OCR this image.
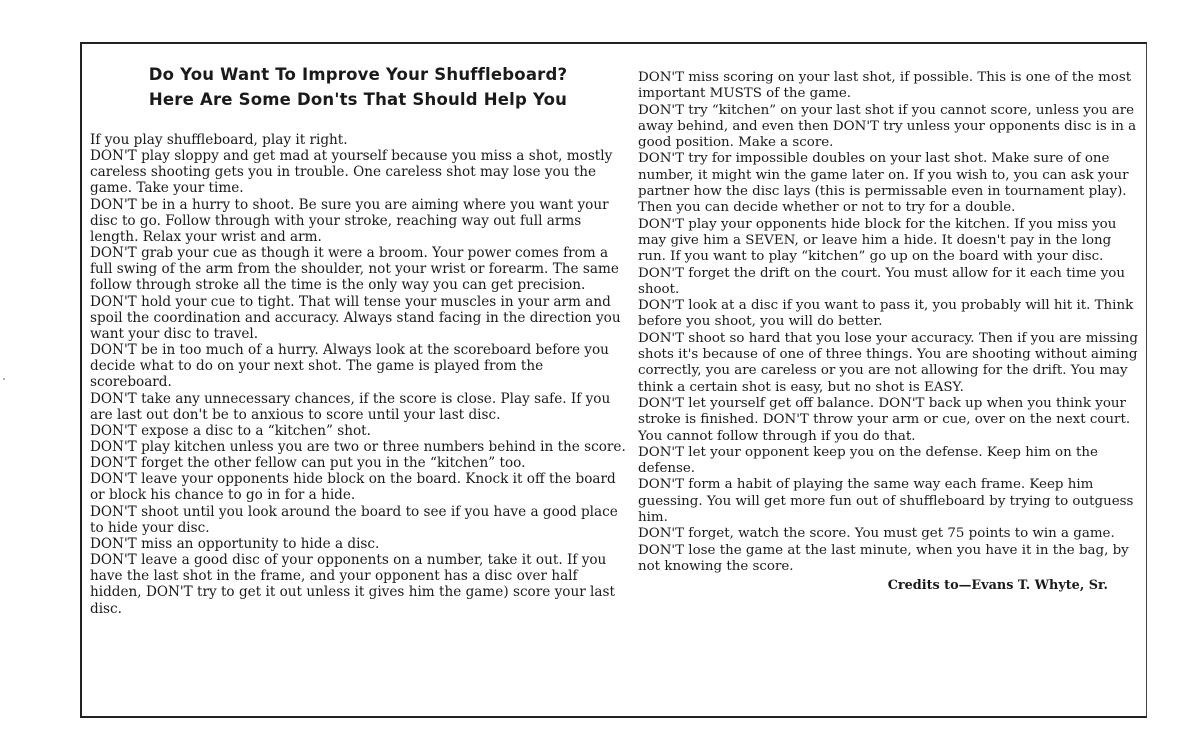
Do You Want To Improve Your Shuffleboard?
Here Are Some Don'ts That Should Help You

If you play shuffleboard, play it right.

DON'T play sloppy and get mad at yourself because you miss a shot, mostly careless shooting gets you in trouble. One careless shot may lose you the game. Take your time.

DON'T be in a hurry to shoot. Be sure you are aiming where you want your disc to go. Follow through with your stroke, reaching way out full arms length. Relax your wrist and arm.

DON'T grab your cue as though it were a broom. Your power comes from a full swing of the arm from the shoulder, not your wrist or forearm. The same follow through stroke all the time is the only way you can get precision.

DON'T hold your cue to tight. That will tense your muscles in your arm and spoil the coordination and accuracy. Always stand facing in the direction you want your disc to travel.

DON'T be in too much of a hurry. Always look at the scoreboard before you decide what to do on your next shot. The game is played from the scoreboard.

DON'T take any unnecessary chances, if the score is close. Play safe. If you are last out don't be to anxious to score until your last disc.

DON'T expose a disc to a “kitchen” shot.

DON'T play kitchen unless you are two or three numbers behind in the score.

DON'T forget the other fellow can put you in the “kitchen” too.

DON'T leave your opponents hide block on the board. Knock it off the board or block his chance to go in for a hide.

DON'T shoot until you look around the board to see if you have a good place to hide your disc.

DON'T miss an opportunity to hide a disc.

DON'T leave a good disc of your opponents on a number, take it out. If you have the last shot in the frame, and your opponent has a disc over half hidden, DON'T try to get it out unless it gives him the game) score your last disc.

DON'T miss scoring on your last shot, if possible. This is one of the most important MUSTS of the game.

DON'T try “kitchen” on your last shot if you cannot score, unless you are away behind, and even then DON'T try unless your opponents disc is in a good position. Make a score.

DON'T try for impossible doubles on your last shot. Make sure of one number, it might win the game later on. If you wish to, you can ask your partner how the disc lays (this is permissable even in tournament play). Then you can decide whether or not to try for a double.

DON'T play your opponents hide block for the kitchen. If you miss you may give him a SEVEN, or leave him a hide. It doesn't pay in the long run. If you want to play “kitchen” go up on the board with your disc.

DON'T forget the drift on the court. You must allow for it each time you shoot.

DON'T look at a disc if you want to pass it, you probably will hit it. Think before you shoot, you will do better.

DON'T shoot so hard that you lose your accuracy. Then if you are missing shots it's because of one of three things. You are shooting without aiming correctly, you are careless or you are not allowing for the drift. You may think a certain shot is easy, but no shot is EASY.

DON'T let yourself get off balance. DON'T back up when you think your stroke is finished. DON'T throw your arm or cue, over on the next court. You cannot follow through if you do that.

DON'T let your opponent keep you on the defense. Keep him on the defense.

DON'T form a habit of playing the same way each frame. Keep him guessing. You will get more fun out of shuffleboard by trying to outguess him.

DON'T forget, watch the score. You must get 75 points to win a game.

DON'T lose the game at the last minute, when you have it in the bag, by not knowing the score.

Credits to—Evans T. Whyte, Sr.
